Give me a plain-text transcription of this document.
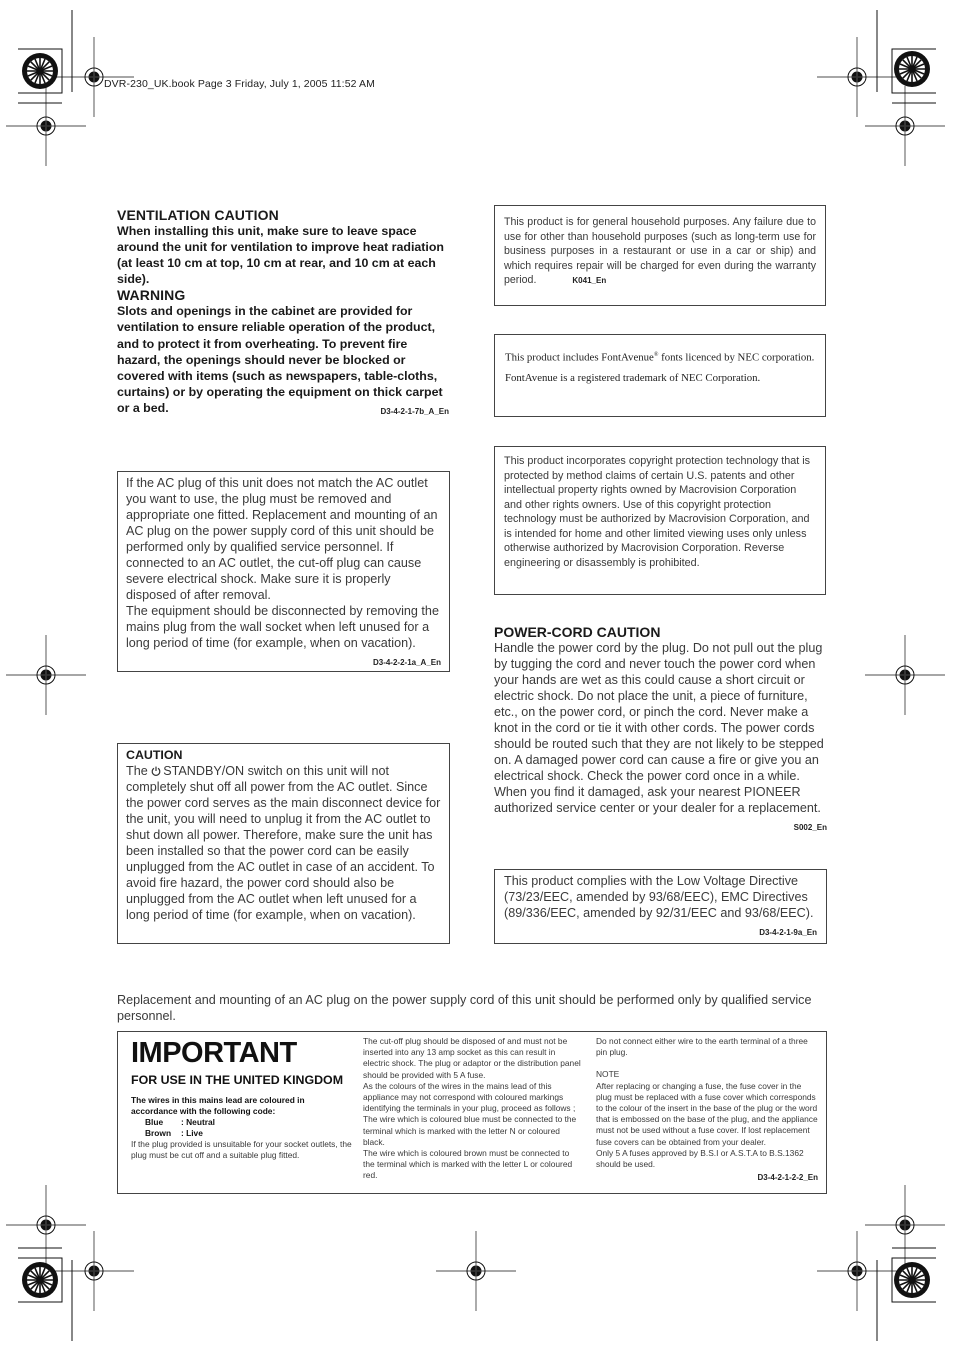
DVR-230_UK.book Page 3 Friday, July 1, 2005 11:52 AM
VENTILATION CAUTION

When installing this unit, make sure to leave space around the unit for ventilation to improve heat radiation (at least 10 cm at top, 10 cm at rear, and 10 cm at each side).

WARNING

Slots and openings in the cabinet are provided for ventilation to ensure reliable operation of the product, and to protect it from overheating. To prevent fire hazard, the openings should never be blocked or covered with items (such as newspapers, table-cloths, curtains) or by operating the equipment on thick carpet or a bed.	D3-4-2-1-7b_A_En

If the AC plug of this unit does not match the AC outlet you want to use, the plug must be removed and appropriate one fitted. Replacement and mounting of an AC plug on the power supply cord of this unit should be performed only by qualified service personnel. If connected to an AC outlet, the cut-off plug can cause severe electrical shock. Make sure it is properly disposed of after removal.

The equipment should be disconnected by removing the mains plug from the wall socket when left unused for a long period of time (for example, when on vacation).
D3-4-2-2-1a_A_En

CAUTION

The STANDBY/ON switch on this unit will not completely shut off all power from the AC outlet. Since the power cord serves as the main disconnect device for the unit, you will need to unplug it from the AC outlet to shut down all power. Therefore, make sure the unit has been installed so that the power cord can be easily unplugged from the AC outlet in case of an accident. To avoid fire hazard, the power cord should also be unplugged from the AC outlet when left unused for a long period of time (for example, when on vacation).

This product is for general household purposes. Any failure due to use for other than household purposes (such as long-term use for business purposes in a restaurant or use in a car or ship) and which requires repair will be charged for even during the warranty period.	K041_En

This product includes FontAvenue® fonts licenced by NEC corporation. FontAvenue is a registered trademark of NEC Corporation.

This product incorporates copyright protection technology that is protected by method claims of certain U.S. patents and other intellectual property rights owned by Macrovision Corporation and other rights owners. Use of this copyright protection technology must be authorized by Macrovision Corporation, and is intended for home and other limited viewing uses only unless otherwise authorized by Macrovision Corporation. Reverse engineering or disassembly is prohibited.

POWER-CORD CAUTION

Handle the power cord by the plug. Do not pull out the plug by tugging the cord and never touch the power cord when your hands are wet as this could cause a short circuit or electric shock. Do not place the unit, a piece of furniture, etc., on the power cord, or pinch the cord. Never make a knot in the cord or tie it with other cords. The power cords should be routed such that they are not likely to be stepped on. A damaged power cord can cause a fire or give you an electrical shock. Check the power cord once in a while. When you find it damaged, ask your nearest PIONEER authorized service center or your dealer for a replacement.
S002_En

This product complies with the Low Voltage Directive (73/23/EEC, amended by 93/68/EEC), EMC Directives (89/336/EEC, amended by 92/31/EEC and 93/68/EEC).
D3-4-2-1-9a_En

Replacement and mounting of an AC plug on the power supply cord of this unit should be performed only by qualified service personnel.
IMPORTANT
FOR USE IN THE UNITED KINGDOM
The wires in this mains lead are coloured in accordance with the following code:
Blue : Neutral
Brown : Live
If the plug provided is unsuitable for your socket outlets, the plug must be cut off and a suitable plug fitted.
The cut-off plug should be disposed of and must not be inserted into any 13 amp socket as this can result in electric shock. The plug or adaptor or the distribution panel should be provided with 5 A fuse.
As the colours of the wires in the mains lead of this appliance may not correspond with coloured markings identifying the terminals in your plug, proceed as follows ;
The wire which is coloured blue must be connected to the terminal which is marked with the letter N or coloured black.
The wire which is coloured brown must be connected to the terminal which is marked with the letter L or coloured red.
Do not connect either wire to the earth terminal of a three pin plug.
NOTE
After replacing or changing a fuse, the fuse cover in the plug must be replaced with a fuse cover which corresponds to the colour of the insert in the base of the plug or the word that is embossed on the base of the plug, and the appliance must not be used without a fuse cover. If lost replacement fuse covers can be obtained from your dealer.
Only 5 A fuses approved by B.S.I or A.S.T.A to B.S.1362 should be used.
D3-4-2-1-2-2_En
